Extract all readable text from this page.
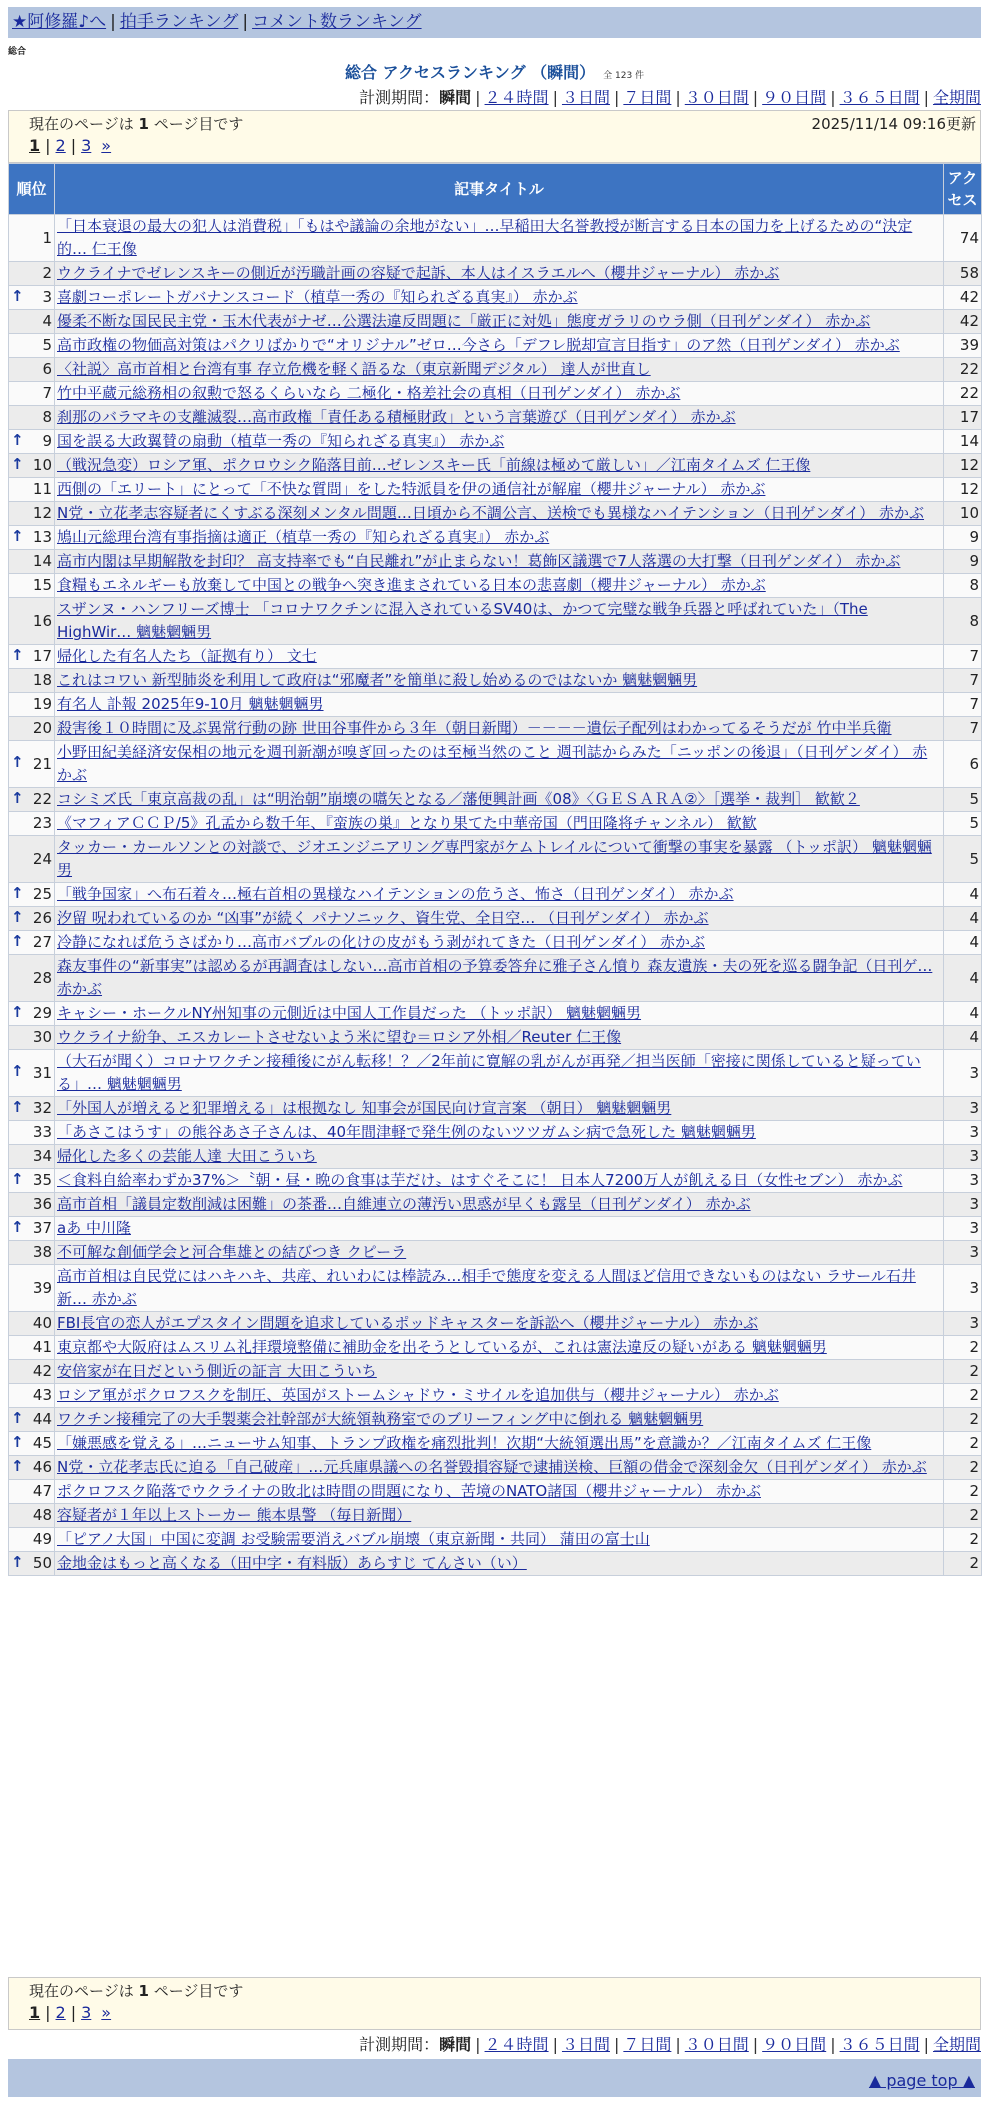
★阿修羅♪へ | 拍手ランキング | コメント数ランキング
総合
総合 アクセスランキング （瞬間） 全 123 件
計測期間：瞬間 | ２４時間 | ３日間 | ７日間 | ３０日間 | ９０日間 | ３６５日間 | 全期間
現在のページは 1 ページ目です	2025/11/14 09:16更新
1 | 2 | 3 »
順位	記事タイトル	アクセス
1	「日本衰退の最大の犯人は消費税」「もはや議論の余地がない」…早稲田大名誉教授が断言する日本の国力を上げるための“決定的… 仁王像	74
2	ウクライナでゼレンスキーの側近が汚職計画の容疑で起訴、本人はイスラエルへ（櫻井ジャーナル） 赤かぶ	58

↑ 3	喜劇コーポレートガバナンスコード（植草一秀の『知られざる真実』） 赤かぶ	42
4	優柔不断な国民民主党・玉木代表がナゼ…公選法違反問題に「厳正に対処」態度ガラリのウラ側（日刊ゲンダイ） 赤かぶ	42
5	高市政権の物価高対策はパクリばかりで“オリジナル”ゼロ…今さら「デフレ脱却宣言目指す」のア然（日刊ゲンダイ） 赤かぶ	39
6	〈社説〉高市首相と台湾有事 存立危機を軽く語るな（東京新聞デジタル） 達人が世直し	22
7	竹中平蔵元総務相の叙勲で怒るくらいなら 二極化・格差社会の真相（日刊ゲンダイ） 赤かぶ	22
8	刹那のバラマキの支離滅裂…高市政権「責任ある積極財政」という言葉遊び（日刊ゲンダイ） 赤かぶ	17

↑ 9	国を誤る大政翼賛の扇動（植草一秀の『知られざる真実』） 赤かぶ	14

↑ 10	（戦況急変）ロシア軍、ポクロウシク陥落目前…ゼレンスキー氏「前線は極めて厳しい」／江南タイムズ 仁王像	12
11	西側の「エリート」にとって「不快な質問」をした特派員を伊の通信社が解雇（櫻井ジャーナル） 赤かぶ	12
12	N党・立花孝志容疑者にくすぶる深刻メンタル問題…日頃から不調公言、送検でも異様なハイテンション（日刊ゲンダイ） 赤かぶ	10

↑ 13	鳩山元総理台湾有事指摘は適正（植草一秀の『知られざる真実』） 赤かぶ	9
14	高市内閣は早期解散を封印？ 高支持率でも“自民離れ”が止まらない！葛飾区議選で7人落選の大打撃（日刊ゲンダイ） 赤かぶ	9
15	食糧もエネルギーも放棄して中国との戦争へ突き進まされている日本の悲喜劇（櫻井ジャーナル） 赤かぶ	8
16	スザンヌ・ハンフリーズ博士 「コロナワクチンに混入されているSV40は、かつて完璧な戦争兵器と呼ばれていた」（The HighWir… 魑魅魍魎男	8

↑ 17	帰化した有名人たち（証拠有り） 文七	7
18	これはコワい 新型肺炎を利用して政府は“邪魔者”を簡単に殺し始めるのではないか 魑魅魍魎男	7
19	有名人 訃報 2025年9-10月 魑魅魍魎男	7
20	殺害後１０時間に及ぶ異常行動の跡 世田谷事件から３年（朝日新聞）－－－－遺伝子配列はわかってるそうだが 竹中半兵衛	7

↑ 21	小野田紀美経済安保相の地元を週刊新潮が嗅ぎ回ったのは至極当然のこと 週刊誌からみた「ニッポンの後退」（日刊ゲンダイ） 赤かぶ	6

↑ 22	コシミズ氏「東京高裁の乱」は“明治朝”崩壊の嚆矢となる／藩便興計画《08》〈ＧＥＳＡＲＡ②〉［選挙・裁判］ 歓歓２	5
23	《マフィアＣＣＰ/5》孔孟から数千年、『蛮族の巣』となり果てた中華帝国（門田隆将チャンネル） 歓歓	5
24	タッカー・カールソンとの対談で、ジオエンジニアリング専門家がケムトレイルについて衝撃の事実を暴露 （トッポ訳） 魑魅魍魎男	5

↑ 25	「戦争国家」へ布石着々…極右首相の異様なハイテンションの危うさ、怖さ（日刊ゲンダイ） 赤かぶ	4

↑ 26	汐留 呪われているのか “凶事”が続く パナソニック、資生党、全日空… （日刊ゲンダイ） 赤かぶ	4

↑ 27	冷静になれば危うさばかり…高市バブルの化けの皮がもう剥がれてきた（日刊ゲンダイ） 赤かぶ	4
28	森友事件の“新事実”は認めるが再調査はしない…高市首相の予算委答弁に雅子さん憤り 森友遺族・夫の死を巡る闘争記（日刊ゲ… 赤かぶ	4

↑ 29	キャシー・ホークルNY州知事の元側近は中国人工作員だった （トッポ訳） 魑魅魍魎男	4
30	ウクライナ紛争、エスカレートさせないよう米に望む＝ロシア外相／Reuter 仁王像	4

↑ 31	（大石が聞く）コロナワクチン接種後にがん転移！？／2年前に寛解の乳がんが再発／担当医師「密接に関係していると疑っている」… 魑魅魍魎男	3

↑ 32	「外国人が増えると犯罪増える」は根拠なし 知事会が国民向け宣言案 （朝日） 魑魅魍魎男	3
33	「あさこはうす」の熊谷あさ子さんは、40年間津軽で発生例のないツツガムシ病で急死した 魑魅魍魎男	3
34	帰化した多くの芸能人達 大田こういち	3

↑ 35	＜食料自給率わずか37%＞〝朝・昼・晩の食事は芋だけ〟はすぐそこに！ 日本人7200万人が飢える日（女性セブン） 赤かぶ	3
36	高市首相「議員定数削減は困難」の茶番…自維連立の薄汚い思惑が早くも露呈（日刊ゲンダイ） 赤かぶ	3

↑ 37	aあ 中川隆	3
38	不可解な創価学会と河合隼雄との結びつき クピーラ	3
39	高市首相は自民党にはハキハキ、共産、れいわには棒読み…相手で態度を変える人間ほど信用できないものはない ラサール石井 新… 赤かぶ	3
40	FBI長官の恋人がエプスタイン問題を追求しているポッドキャスターを訴訟へ（櫻井ジャーナル） 赤かぶ	3
41	東京都や大阪府はムスリム礼拝環境整備に補助金を出そうとしているが、これは憲法違反の疑いがある 魑魅魍魎男	2
42	安倍家が在日だという側近の証言 大田こういち	2
43	ロシア軍がポクロフスクを制圧、英国がストームシャドウ・ミサイルを追加供与（櫻井ジャーナル） 赤かぶ	2

↑ 44	ワクチン接種完了の大手製薬会社幹部が大統領執務室でのブリーフィング中に倒れる 魑魅魍魎男	2

↑ 45	「嫌悪感を覚える」…ニューサム知事、トランプ政権を痛烈批判！次期“大統領選出馬”を意識か？／江南タイムズ 仁王像	2

↑ 46	N党・立花孝志氏に迫る「自己破産」…元兵庫県議への名誉毀損容疑で逮捕送検、巨額の借金で深刻金欠（日刊ゲンダイ） 赤かぶ	2
47	ポクロフスク陥落でウクライナの敗北は時間の問題になり、苦境のNATO諸国（櫻井ジャーナル） 赤かぶ	2
48	容疑者が１年以上ストーカー 熊本県警 （毎日新聞）	2
49	「ピアノ大国」中国に変調 お受験需要消えバブル崩壊（東京新聞・共同） 蒲田の富士山	2

↑ 50	金地金はもっと高くなる（田中字・有料版）あらすじ てんさい（い）	2
現在のページは 1 ページ目です
1 | 2 | 3 »
計測期間：瞬間 | ２４時間 | ３日間 | ７日間 | ３０日間 | ９０日間 | ３６５日間 | 全期間
▲ page top ▲
